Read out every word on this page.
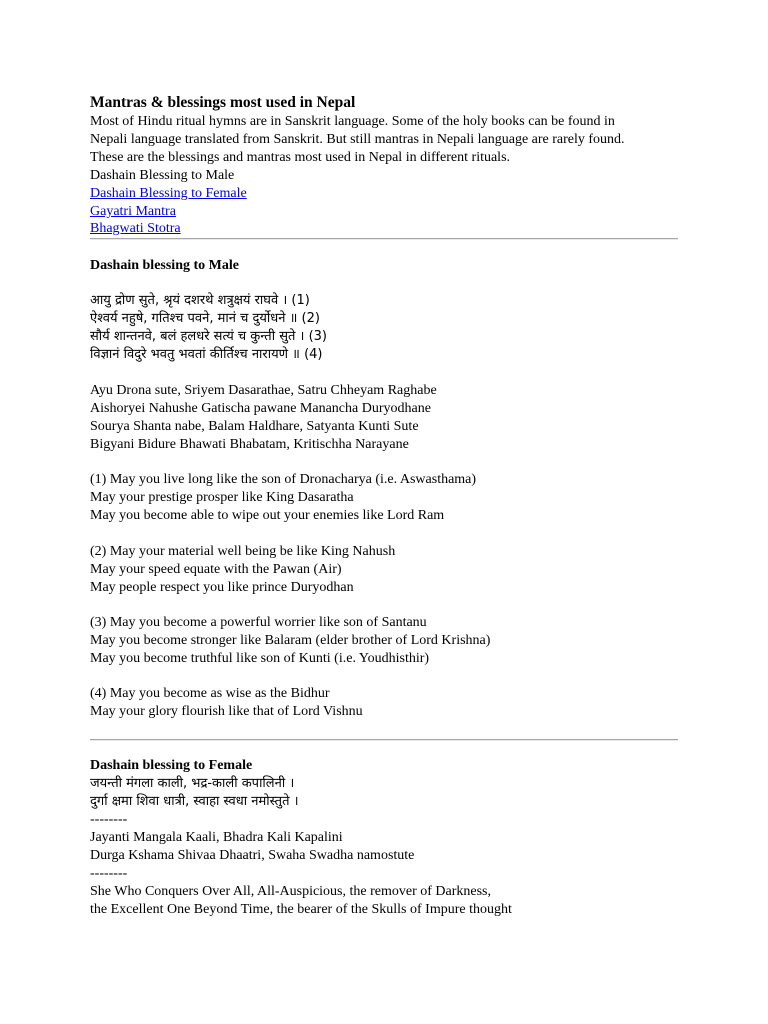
Mantras & blessings most used in Nepal
Most of Hindu ritual hymns are in Sanskrit language. Some of the holy books can be found in
Nepali language translated from Sanskrit. But still mantras in Nepali language are rarely found.
These are the blessings and mantras most used in Nepal in different rituals.
Dashain Blessing to Male
Dashain Blessing to Female
Gayatri Mantra
Bhagwati Stotra
Dashain blessing to Male
आयु द्रोण सुते, श्रृयं दशरथे शत्रुक्षयं राघवे । (1)
ऐश्वर्य नहुषे, गतिश्च पवने, मानं च दुर्योधने ॥ (2)
सौर्य शान्तनवे, बलं हलधरे सत्यं च कुन्ती सुते । (3)
विज्ञानं विदुरे भवतु भवतां कीर्तिश्च नारायणे ॥ (4)
Ayu Drona sute, Sriyem Dasarathae, Satru Chheyam Raghabe
Aishoryei Nahushe Gatischa pawane Manancha Duryodhane
Sourya Shanta nabe, Balam Haldhare, Satyanta Kunti Sute
Bigyani Bidure Bhawati Bhabatam, Kritischha Narayane
(1) May you live long like the son of Dronacharya (i.e. Aswasthama)
May your prestige prosper like King Dasaratha
May you become able to wipe out your enemies like Lord Ram
(2) May your material well being be like King Nahush
May your speed equate with the Pawan (Air)
May people respect you like prince Duryodhan
(3) May you become a powerful worrier like son of Santanu
May you become stronger like Balaram (elder brother of Lord Krishna)
May you become truthful like son of Kunti (i.e. Youdhisthir)
(4) May you become as wise as the Bidhur
May your glory flourish like that of Lord Vishnu
Dashain blessing to Female
जयन्ती मंगला काली, भद्र-काली कपालिनी ।
दुर्गा क्षमा शिवा धात्री, स्वाहा स्वधा नमोस्तुते ।
--------
Jayanti Mangala Kaali, Bhadra Kali Kapalini
Durga Kshama Shivaa Dhaatri, Swaha Swadha namostute
--------
She Who Conquers Over All, All-Auspicious, the remover of Darkness,
the Excellent One Beyond Time, the bearer of the Skulls of Impure thought
